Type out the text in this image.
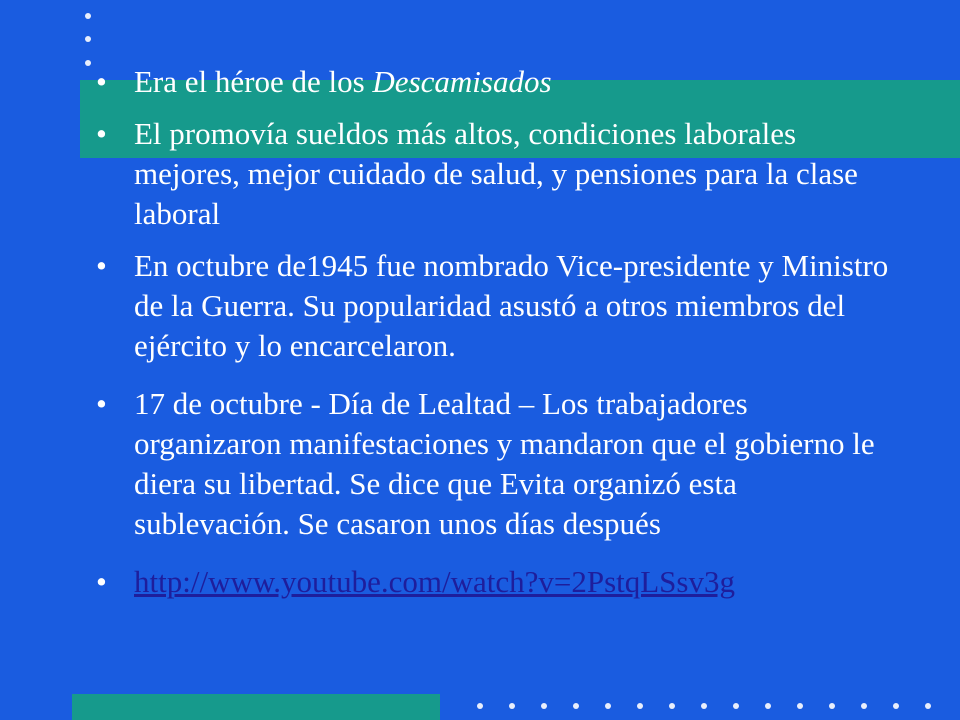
• Era el héroe de los Descamisados
• El promovía sueldos más altos, condiciones laborales mejores, mejor cuidado de salud, y pensiones para la clase laboral
• En octubre de1945 fue nombrado Vice-presidente y Ministro de la Guerra. Su popularidad asustó a otros miembros del ejército y lo encarcelaron.
• 17 de octubre - Día de Lealtad – Los trabajadores organizaron manifestaciones y mandaron que el gobierno le diera su libertad. Se dice que Evita organizó esta sublevación. Se casaron unos días después
• http://www.youtube.com/watch?v=2PstqLSsv3g
